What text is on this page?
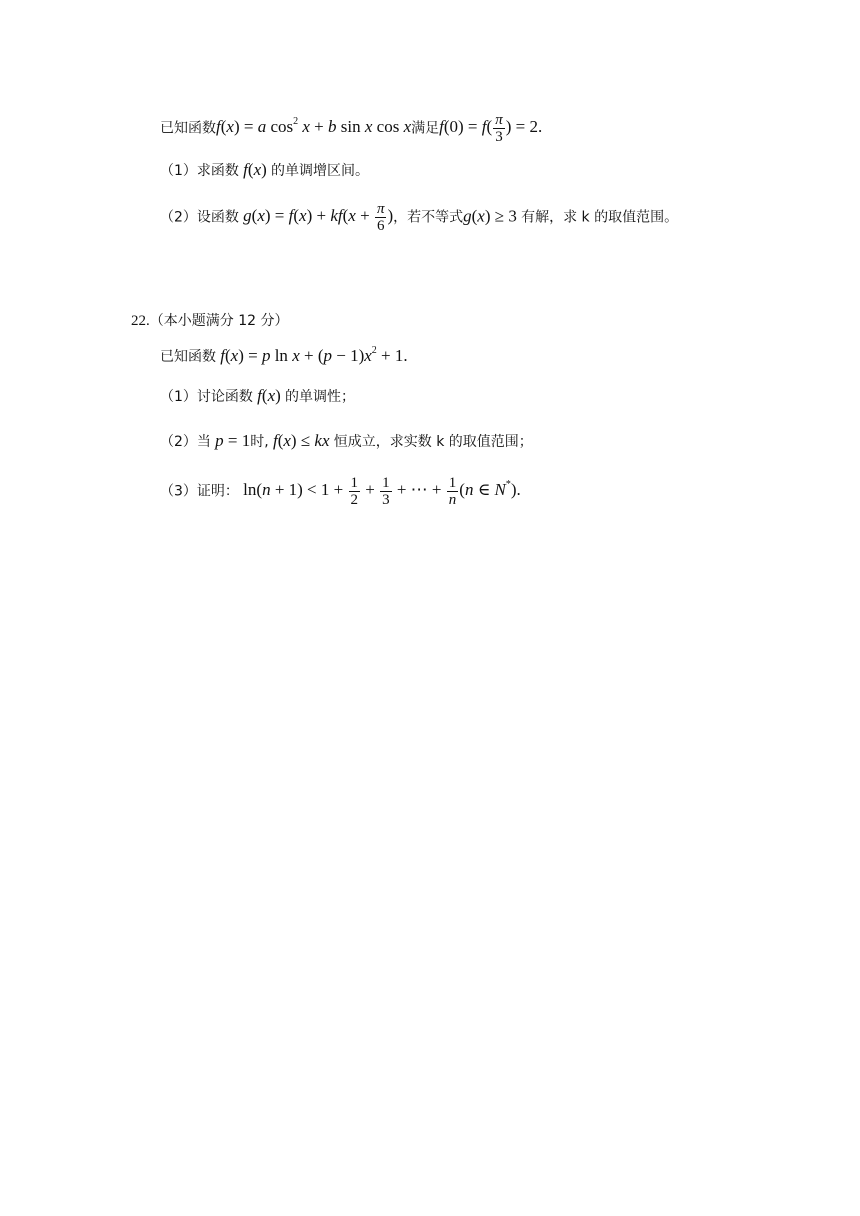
已知函数f(x) = a $\cos^2 x + b$ sin x cos x满足$f(0) = f( \frac{\pi}{3}$ ) = 2.
（1）求函数 f(x) 的单调增区间。
（2）设函数 $g(x) = f(x) + kf(x + \frac{\pi}{6}$ )，若不等式g(x) ≥ 3 有解，求 k 的取值范围。
22.（本小题满分 12 分）
已知函数 f(x) = p $\ln x + (p - 1)x^2 + 1$.
（1）讨论函数 f(x) 的单调性；
（2）当 p = 1时, f(x) ≤ kx 恒成立，求实数 k 的取值范围；
（3）证明： $\ln(n + 1) < 1 + \frac{1}{2} + \frac{1}{3}$ + ⋯ + $\frac{1}{n} (n$ ∈ N*).
